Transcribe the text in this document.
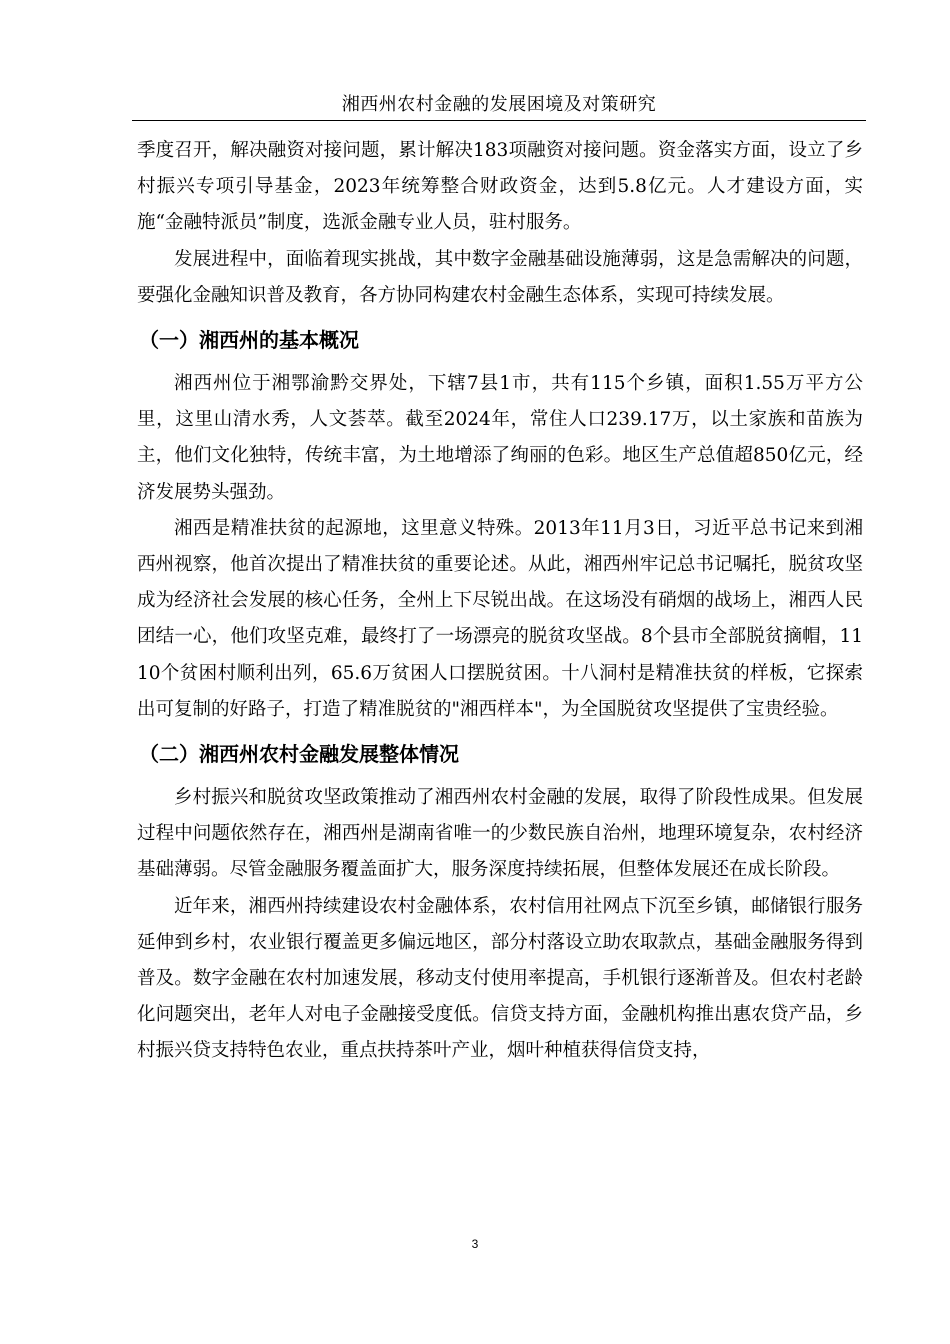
湘西州农村金融的发展困境及对策研究

季度召开，解决融资对接问题，累计解决183项融资对接问题。资金落实方面，设立了乡村振兴专项引导基金，2023年统筹整合财政资金，达到5.8亿元。人才建设方面，实施“金融特派员”制度，选派金融专业人员，驻村服务。

发展进程中，面临着现实挑战，其中数字金融基础设施薄弱，这是急需解决的问题，要强化金融知识普及教育，各方协同构建农村金融生态体系，实现可持续发展。

（一）湘西州的基本概况

湘西州位于湘鄂渝黔交界处，下辖7县1市，共有115个乡镇，面积1.55万平方公里，这里山清水秀，人文荟萃。截至2024年，常住人口239.17万，以土家族和苗族为主，他们文化独特，传统丰富，为土地增添了绚丽的色彩。地区生产总值超850亿元，经济发展势头强劲。

湘西是精准扶贫的起源地，这里意义特殊。2013年11月3日，习近平总书记来到湘西州视察，他首次提出了精准扶贫的重要论述。从此，湘西州牢记总书记嘱托，脱贫攻坚成为经济社会发展的核心任务，全州上下尽锐出战。在这场没有硝烟的战场上，湘西人民团结一心，他们攻坚克难，最终打了一场漂亮的脱贫攻坚战。8个县市全部脱贫摘帽，1110个贫困村顺利出列，65.6万贫困人口摆脱贫困。十八洞村是精准扶贫的样板，它探索出可复制的好路子，打造了精准脱贫的"湘西样本"，为全国脱贫攻坚提供了宝贵经验。

（二）湘西州农村金融发展整体情况

乡村振兴和脱贫攻坚政策推动了湘西州农村金融的发展，取得了阶段性成果。但发展过程中问题依然存在，湘西州是湖南省唯一的少数民族自治州，地理环境复杂，农村经济基础薄弱。尽管金融服务覆盖面扩大，服务深度持续拓展，但整体发展还在成长阶段。

近年来，湘西州持续建设农村金融体系，农村信用社网点下沉至乡镇，邮储银行服务延伸到乡村，农业银行覆盖更多偏远地区，部分村落设立助农取款点，基础金融服务得到普及。数字金融在农村加速发展，移动支付使用率提高，手机银行逐渐普及。但农村老龄化问题突出，老年人对电子金融接受度低。信贷支持方面，金融机构推出惠农贷产品，乡村振兴贷支持特色农业，重点扶持茶叶产业，烟叶种植获得信贷支持，

3
